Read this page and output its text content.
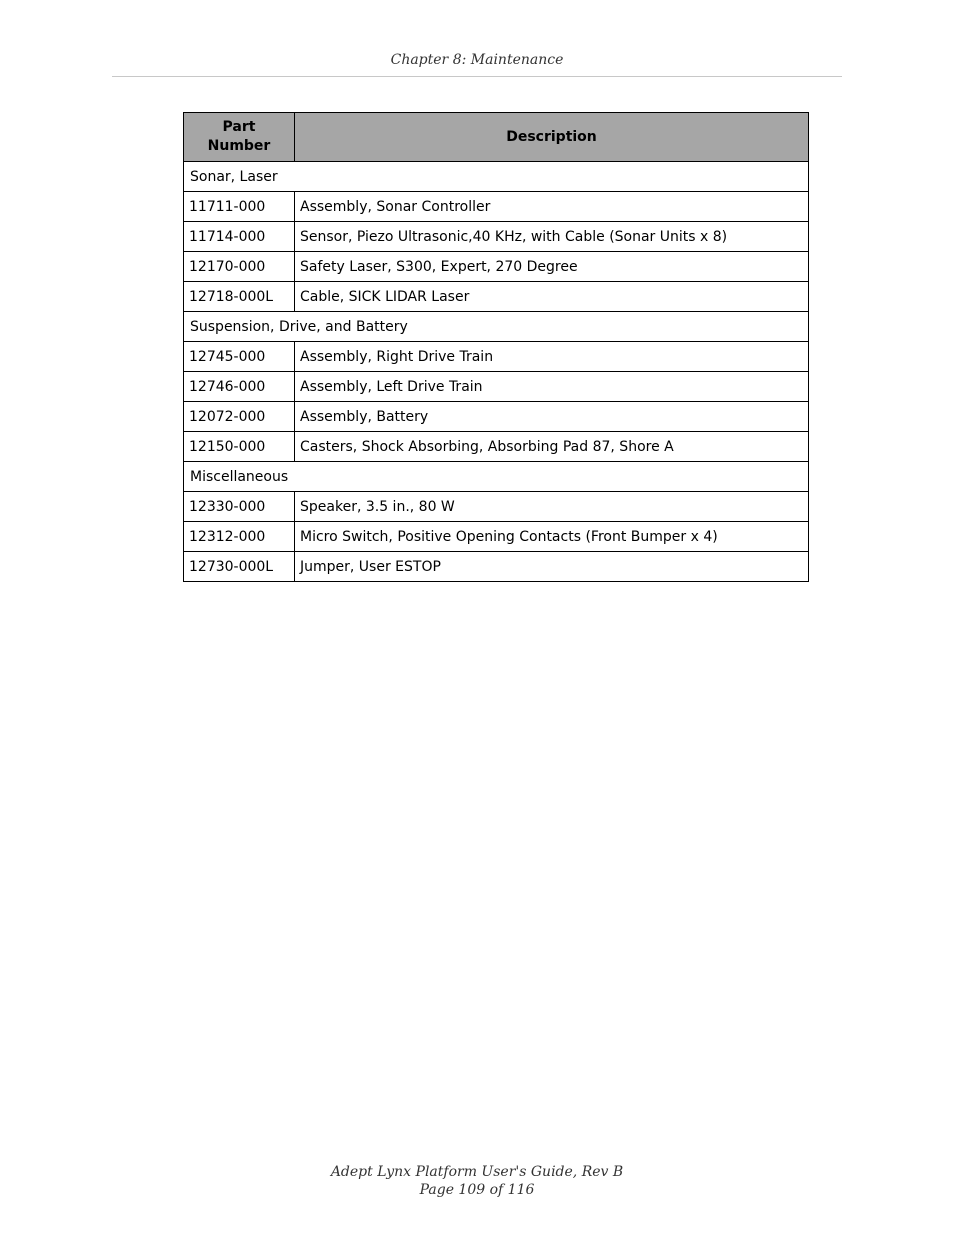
Chapter 8: Maintenance
Part
Number	Description
Sonar, Laser	
11711-000	Assembly, Sonar Controller
11714-000	Sensor, Piezo Ultrasonic,40 KHz, with Cable (Sonar Units x 8)
12170-000	Safety Laser, S300, Expert, 270 Degree
12718-000L	Cable, SICK LIDAR Laser
Suspension, Drive, and Battery	
12745-000	Assembly, Right Drive Train
12746-000	Assembly, Left Drive Train
12072-000	Assembly, Battery
12150-000	Casters, Shock Absorbing, Absorbing Pad 87, Shore A
Miscellaneous	
12330-000	Speaker, 3.5 in., 80 W
12312-000	Micro Switch, Positive Opening Contacts (Front Bumper x 4)
12730-000L	Jumper, User ESTOP
Adept Lynx Platform User's Guide, Rev B
Page 109 of 116
